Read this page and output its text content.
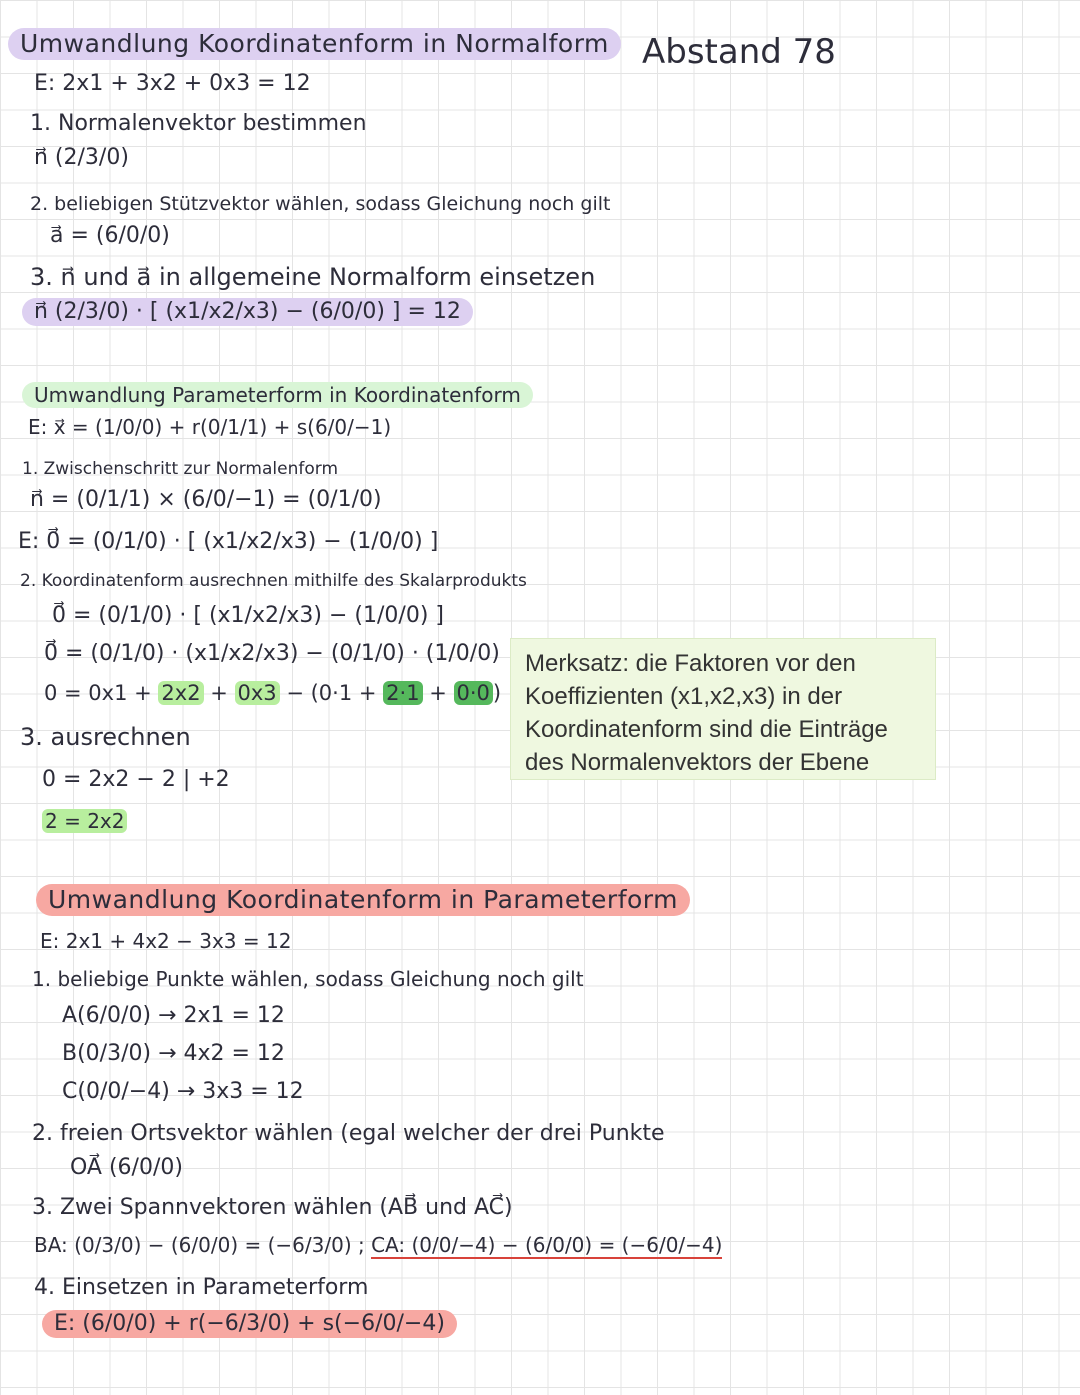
Abstand 78
Umwandlung Koordinatenform in Normalform
E: 2x1 + 3x2 + 0x3 = 12
1. Normalenvektor bestimmen
n⃗ (2/3/0)
2. beliebigen Stützvektor wählen, sodass Gleichung noch gilt
a⃗ = (6/0/0)
3. n⃗ und a⃗ in allgemeine Normalform einsetzen
n⃗ (2/3/0) · [ (x1/x2/x3) − (6/0/0) ] = 12
Umwandlung Parameterform in Koordinatenform
E: x⃗ = (1/0/0) + r(0/1/1) + s(6/0/−1)
1. Zwischenschritt zur Normalenform
n⃗ = (0/1/1) × (6/0/−1) = (0/1/0)
E: 0⃗ = (0/1/0) · [ (x1/x2/x3) − (1/0/0) ]
2. Koordinatenform ausrechnen mithilfe des Skalarprodukts
0⃗ = (0/1/0) · [ (x1/x2/x3) − (1/0/0) ]
0⃗ = (0/1/0) · (x1/x2/x3) − (0/1/0) · (1/0/0)
0 = 0x1 + 2x2 + 0x3 − (0·1 + 2·1 + 0·0 )
3. ausrechnen
0 = 2x2 − 2 | +2
2 = 2x2
Merksatz: die Faktoren vor den Koeffizienten (x1,x2,x3) in der Koordinatenform sind die Einträge des Normalenvektors der Ebene
Umwandlung Koordinatenform in Parameterform
E: 2x1 + 4x2 − 3x3 = 12
1. beliebige Punkte wählen, sodass Gleichung noch gilt
A(6/0/0) → 2x1 = 12
B(0/3/0) → 4x2 = 12
C(0/0/−4) → 3x3 = 12
2. freien Ortsvektor wählen (egal welcher der drei Punkte
OA⃗ (6/0/0)
3. Zwei Spannvektoren wählen (AB⃗ und AC⃗)
BA: (0/3/0) − (6/0/0) = (−6/3/0) ; CA: (0/0/−4) − (6/0/0) = (−6/0/−4)
4. Einsetzen in Parameterform
E: (6/0/0) + r(−6/3/0) + s(−6/0/−4)
